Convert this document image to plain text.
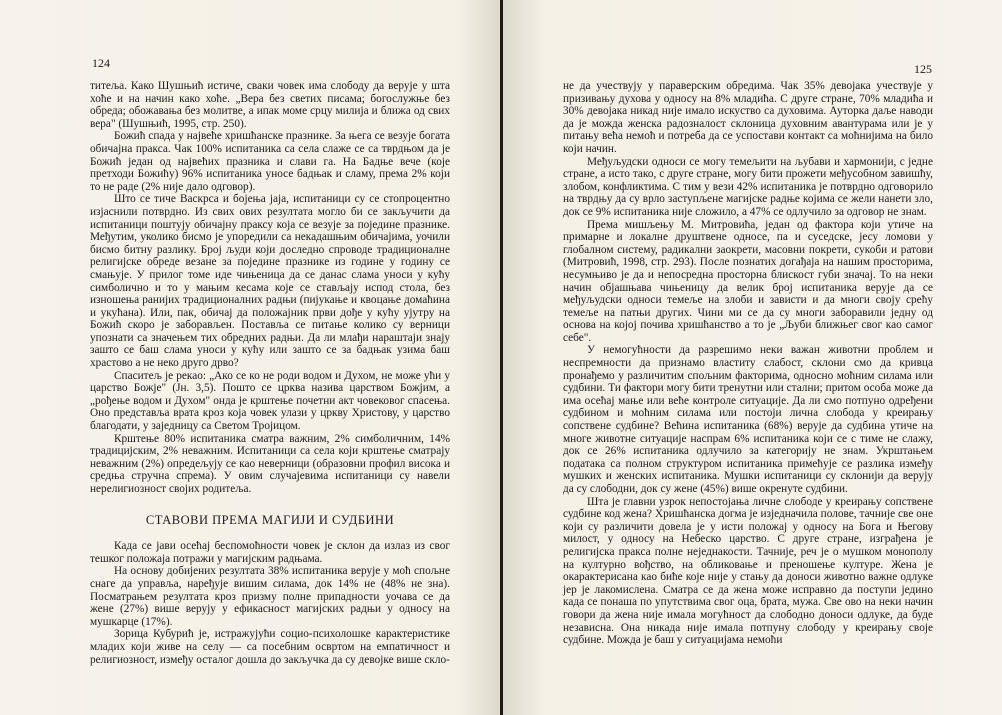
124

титеља. Како Шушњић истиче, сваки човек има слободу да верује у шта хоће и на начин како хоће. „Вера без светих писама; богослужње без обреда; обожавања без молитве, а ипак моме срцу милија и ближа од свих вера" (Шушњић, 1995, стр. 250).

Божић спада у највеће хришћанске празнике. За њега се везује богата обичајна пракса. Чак 100% испитаника са села слаже се са тврдњом да је Божић један од највећих празника и слави га. На Бадње вече (које претходи Божићу) 96% испитаника уносе бадњак и сламу, према 2% који то не раде (2% није дало одговор).

Што се тиче Васкрса и бојења јаја, испитаници су се стопроцентно изјаснили потврдно. Из свих ових резултата могло би се закључити да испитаници поштују обичајну праксу која се везује за појединe празнике. Међутим, уколико бисмо је упоредили са некадашњим обичајима, уочили бисмо битну разлику. Број људи који доследно спроводе традиционалне религијске обреде везане за поједине празнике из године у годину се смањује. У прилог томе иде чињеница да се данас слама уноси у кућу симболично и то у мањим кесама које се стављају испод стола, без изношења ранијих традиционалних радњи (пијукање и квоцање домаћина и укућана). Или, пак, обичај да положајник први дође у кућу ујутру на Божић скоро је заборављен. Поставља се питање колико су верници упознати са значењем тих обредних радњи. Да ли млађи нараштаји знају зашто се баш слама уноси у кућу или зашто се за бадњак узима баш храстово а не неко друго дрво?

Спаситељ је рекао: „Ако се ко не роди водом и Духом, не може ући у царство Божје" (Јн. 3,5). Пошто се црква назива царством Божјим, а „рођење водом и Духом" онда је крштење почетни акт човековог спасења. Оно представља врата кроз која човек улази у цркву Христову, у царство благодати, у заједницу са Светом Тројицом.

Крштење 80% испитаника сматра важним, 2% симболичним, 14% традицијским, 2% неважним. Испитаници са села који крштење сматрају неважним (2%) опредељују се као неверници (образовни профил висока и средња стручна спрема). У овим случајевима испитаници су навели нерелигиозност својих родитеља.

СТАВОВИ ПРЕМА МАГИЈИ И СУДБИНИ

Када се јави осећај беспомоћности човек је склон да излаз из свог тешког положаја потражи у магијским радњама.

На основу добијених резултата 38% испитаника верује у моћ спољне снаге да управља, наређује вишим силама, док 14% не (48% не зна). Посматрањем резултата кроз призму полне припадности уочава се да жене (27%) више верују у ефикасност магијских радњи у односу на мушкарце (17%).

Зорица Кубурић је, истражујући социо-психолошке карактеристике младих који живе на селу — са посебним освртом на емпатичност и религиозност, између осталог дошла до закључка да су девојке више скло-

125

не да учествују у параверским обредима. Чак 35% девојака учествује у призивању духова у односу на 8% младића. С друге стране, 70% младића и 30% девојака никад није имало искуство са духовима. Ауторка даље наводи да је можда женска радозналост склоница духовним авантурама или је у питању већа немоћ и потреба да се успостави контакт са моћнијима на било који начин.

Међуљудски односи се могу темељити на љубави и хармонији, с једне стране, а исто тако, с друге стране, могу бити прожети међусобном завишћу, злобом, конфликтима. С тим у вези 42% испитаника је потврдно одговорило на тврдњу да су врло заступљене магијске радње којима се жели нанети зло, док се 9% испитаника није сложило, а 47% се одлучило за одговор не знам.

Према мишљењу М. Митровића, један од фактора који утиче на примарне и локалне друштвене односе, па и суседске, јесу ломови у глобалном систему, радикални заокрети, масовни покрети, сукоби и ратови (Митровић, 1998, стр. 293). После познатих догађаја на нашим просторима, несумњиво је да и непосредна просторна блискост губи значај. То на неки начин објашњава чињеницу да велик број испитаника верује да се међуљудски односи темеље на злоби и зависти и да многи своју срећу темеље на патњи других. Чини ми се да су многи заборавили једну од основа на којој почива хришћанство а то је „Љуби ближњег свог као самог себе".

У немогућности да разрешимо неки важан животни проблем и неспремности да признамо властиту слабост, склони смо да кривца пронађемо у различитим спољним факторима, односно моћним силама или судбини. Ти фактори могу бити тренутни или стални; притом особа може да има осећај мање или веће контроле ситуације. Да ли смо потпуно одређени судбином и моћним силама или постоји лична слобода у креирању сопствене судбине? Већина испитаника (68%) верује да судбина утиче на многе животне ситуације наспрам 6% испитаника који се с тиме не слажу, док се 26% испитаника одлучило за категорију не знам. Укрштањем података са полном структуром испитаника примећује се разлика између мушких и женских испитаника. Мушки испитаници су склонији да верују да су слободни, док су жене (45%) више окренуте судбини.

Шта је главни узрок непостојања личне слободе у креирању сопствене судбине код жена? Хришћанска догма је изједначила полове, тачније све оне који су различити довела је у исти положај у односу на Бога и Његову милост, у односу на Небеско царство. С друге стране, изграђена је религијска пракса полне неједнакости. Тачније, реч је о мушком монополу на културно вођство, на обликовање и преношење културе. Жена је окарактерисана као биће које није у стању да доноси животно важне одлуке јер је лакомислена. Сматра се да жена може исправно да поступи једино када се понаша по упутствима свог оца, брата, мужа. Све ово на неки начин говори да жена није имала могућност да слободно доноси одлуке, да буде независна. Она никада није имала потпуну слободу у креирању своје судбине. Можда је баш у ситуацијама немоћи
